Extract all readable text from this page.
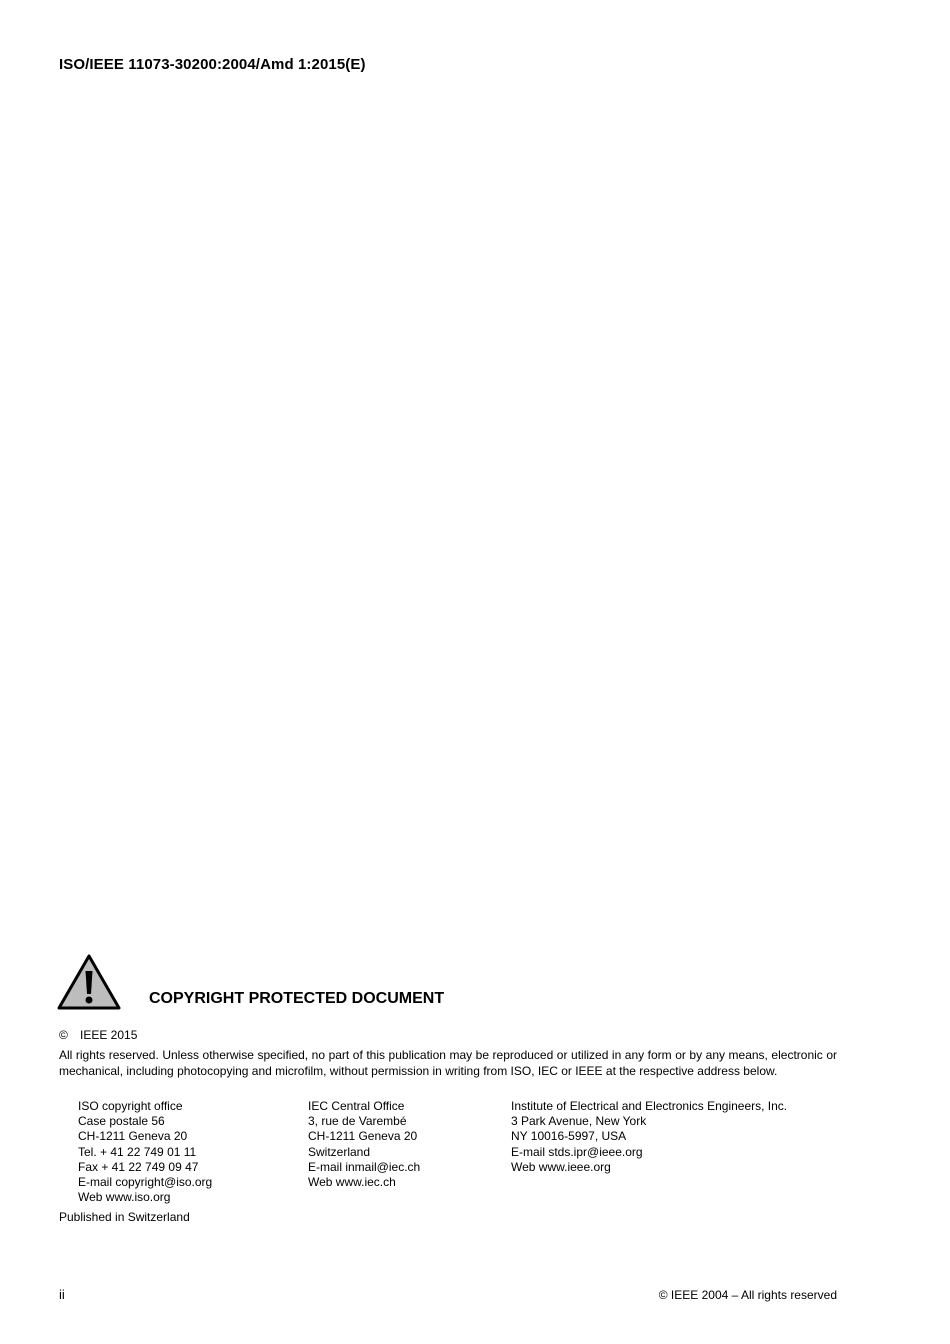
ISO/IEEE 11073-30200:2004/Amd 1:2015(E)
COPYRIGHT PROTECTED DOCUMENT
© IEEE 2015
All rights reserved. Unless otherwise specified, no part of this publication may be reproduced or utilized in any form or by any means, electronic or mechanical, including photocopying and microfilm, without permission in writing from ISO, IEC or IEEE at the respective address below.
ISO copyright office
Case postale 56
CH-1211 Geneva 20
Tel. + 41 22 749 01 11
Fax + 41 22 749 09 47
E-mail copyright@iso.org
Web www.iso.org
IEC Central Office
3, rue de Varembé
CH-1211 Geneva 20
Switzerland
E-mail inmail@iec.ch
Web www.iec.ch
Institute of Electrical and Electronics Engineers, Inc.
3 Park Avenue, New York
NY 10016-5997, USA
E-mail stds.ipr@ieee.org
Web www.ieee.org
Published in Switzerland
ii	© IEEE 2004 – All rights reserved
